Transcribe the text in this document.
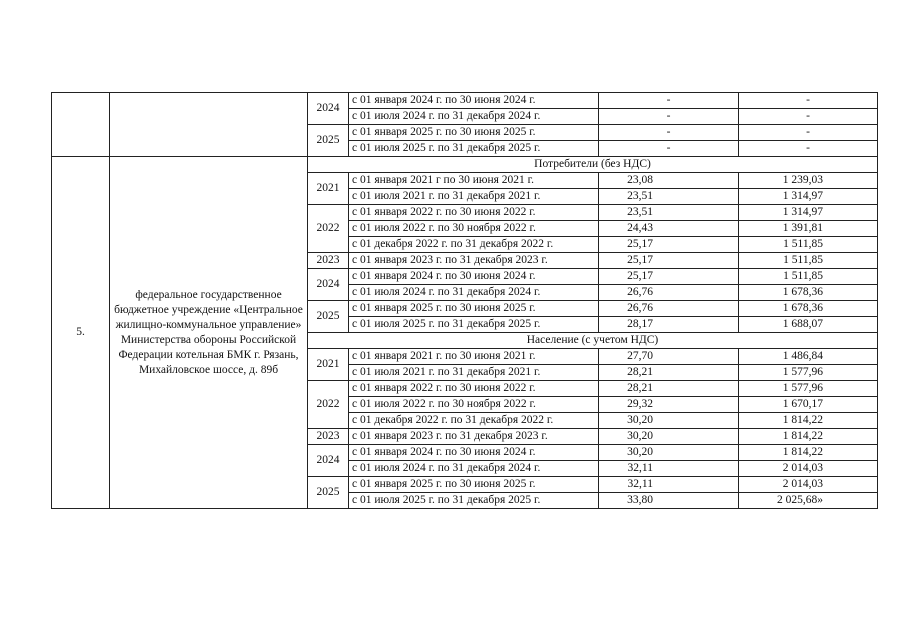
		2024	с 01 января 2024 г. по 30 июня 2024 г.	-	-
			с 01 июля 2024 г. по 31 декабря 2024 г.	-	-
		2025	с 01 января 2025 г. по 30 июня 2025 г.	-	-
			с 01 июля 2025 г. по 31 декабря 2025 г.	-	-
5.	федеральное государственное бюджетное учреждение «Центральное жилищно-коммунальное управление» Министерства обороны Российской Федерации котельная БМК г. Рязань, Михайловское шоссе, д. 89б	Потребители (без НДС)			
		2021	с 01 января 2021 г по 30 июня 2021 г.	23,08	1 239,03
			с 01 июля 2021 г. по 31 декабря 2021 г.	23,51	1 314,97
		2022	с 01 января 2022 г. по 30 июня 2022 г.	23,51	1 314,97
			с 01 июля 2022 г. по 30 ноября 2022 г.	24,43	1 391,81
			с 01 декабря 2022 г. по 31 декабря 2022 г.	25,17	1 511,85
		2023	с 01 января 2023 г. по 31 декабря 2023 г.	25,17	1 511,85
		2024	с 01 января 2024 г. по 30 июня 2024 г.	25,17	1 511,85
			с 01 июля 2024 г. по 31 декабря 2024 г.	26,76	1 678,36
		2025	с 01 января 2025 г. по 30 июня 2025 г.	26,76	1 678,36
			с 01 июля 2025 г. по 31 декабря 2025 г.	28,17	1 688,07
		Население (с учетом НДС)			
		2021	с 01 января 2021 г. по 30 июня 2021 г.	27,70	1 486,84
			с 01 июля 2021 г. по 31 декабря 2021 г.	28,21	1 577,96
		2022	с 01 января 2022 г. по 30 июня 2022 г.	28,21	1 577,96
			с 01 июля 2022 г. по 30 ноября 2022 г.	29,32	1 670,17
			с 01 декабря 2022 г. по 31 декабря 2022 г.	30,20	1 814,22
		2023	с 01 января 2023 г. по 31 декабря 2023 г.	30,20	1 814,22
		2024	с 01 января 2024 г. по 30 июня 2024 г.	30,20	1 814,22
			с 01 июля 2024 г. по 31 декабря 2024 г.	32,11	2 014,03
		2025	с 01 января 2025 г. по 30 июня 2025 г.	32,11	2 014,03
			с 01 июля 2025 г. по 31 декабря 2025 г.	33,80	2 025,68»
